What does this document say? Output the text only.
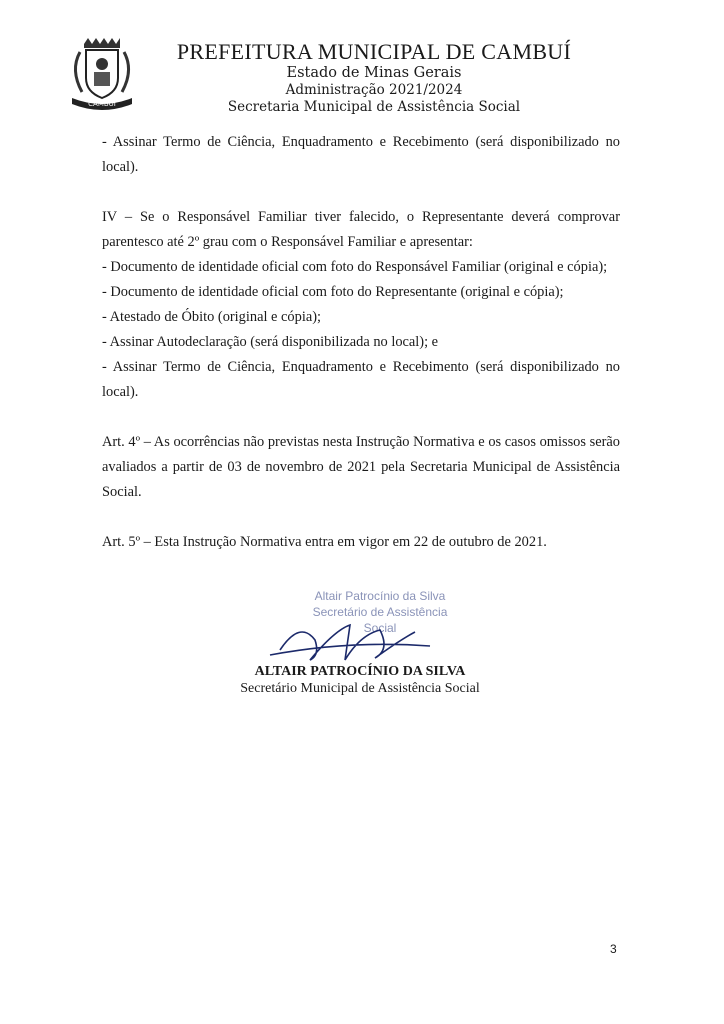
CAMBUÍ
PREFEITURA MUNICIPAL DE CAMBUÍ
Estado de Minas Gerais
Administração 2021/2024
Secretaria Municipal de Assistência Social
- Assinar Termo de Ciência, Enquadramento e Recebimento (será disponibilizado no
local).
IV – Se o Responsável Familiar tiver falecido, o Representante deverá comprovar
parentesco até 2º grau com o Responsável Familiar e apresentar:
- Documento de identidade oficial com foto do Responsável Familiar (original e cópia);
- Documento de identidade oficial com foto do Representante (original e cópia);
- Atestado de Óbito (original e cópia);
- Assinar Autodeclaração (será disponibilizada no local); e
- Assinar Termo de Ciência, Enquadramento e Recebimento (será disponibilizado no
local).
Art. 4º – As ocorrências não previstas nesta Instrução Normativa e os casos omissos serão
avaliados a partir de 03 de novembro de 2021 pela Secretaria Municipal de Assistência
Social.
Art. 5º – Esta Instrução Normativa entra em vigor em 22 de outubro de 2021.
Altair Patrocínio da Silva
Secretário de Assistência
Social
ALTAIR PATROCÍNIO DA SILVA
Secretário Municipal de Assistência Social
3
